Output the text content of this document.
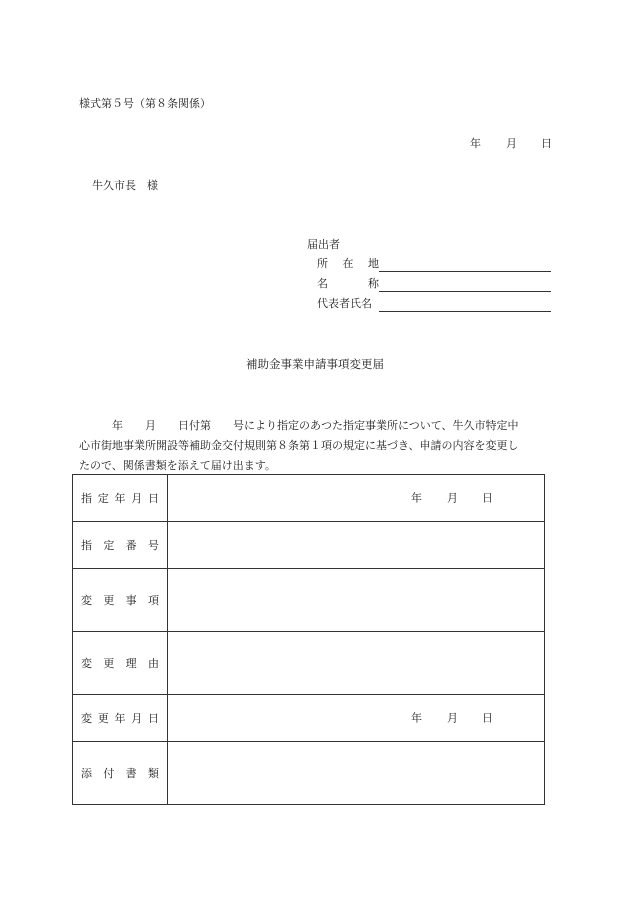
様式第５号（第８条関係）
年 月 日
牛久市長　様
届出者
所 在 地
名	称
代表者氏名
補助金事業申請事項変更届
　　　年　　月　　日付第　　号により指定のあつた指定事業所について、牛久市特定中
心市街地事業所開設等補助金交付規則第８条第１項の規定に基づき、申請の内容を変更し
たので、関係書類を添えて届け出ます。
指 定 年 月 日	年 月 日

指 定 番 号	

変 更 事 項	

変 更 理 由	

変 更 年 月 日	年 月 日

添 付 書 類	
